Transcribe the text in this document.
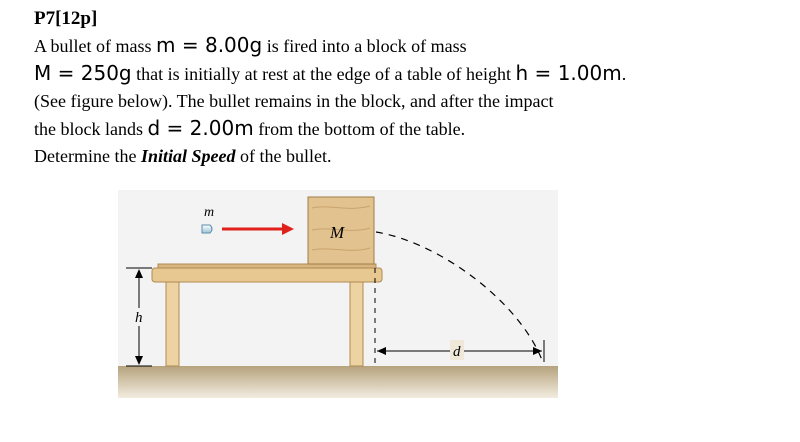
P7[12p]
A bullet of mass m = 8.00g is fired into a block of mass
M = 250g that is initially at rest at the edge of a table of height h = 1.00m.
(See figure below). The bullet remains in the block, and after the impact
the block lands d = 2.00m from the bottom of the table.
Determine the Initial Speed of the bullet.
M
m
h
d
